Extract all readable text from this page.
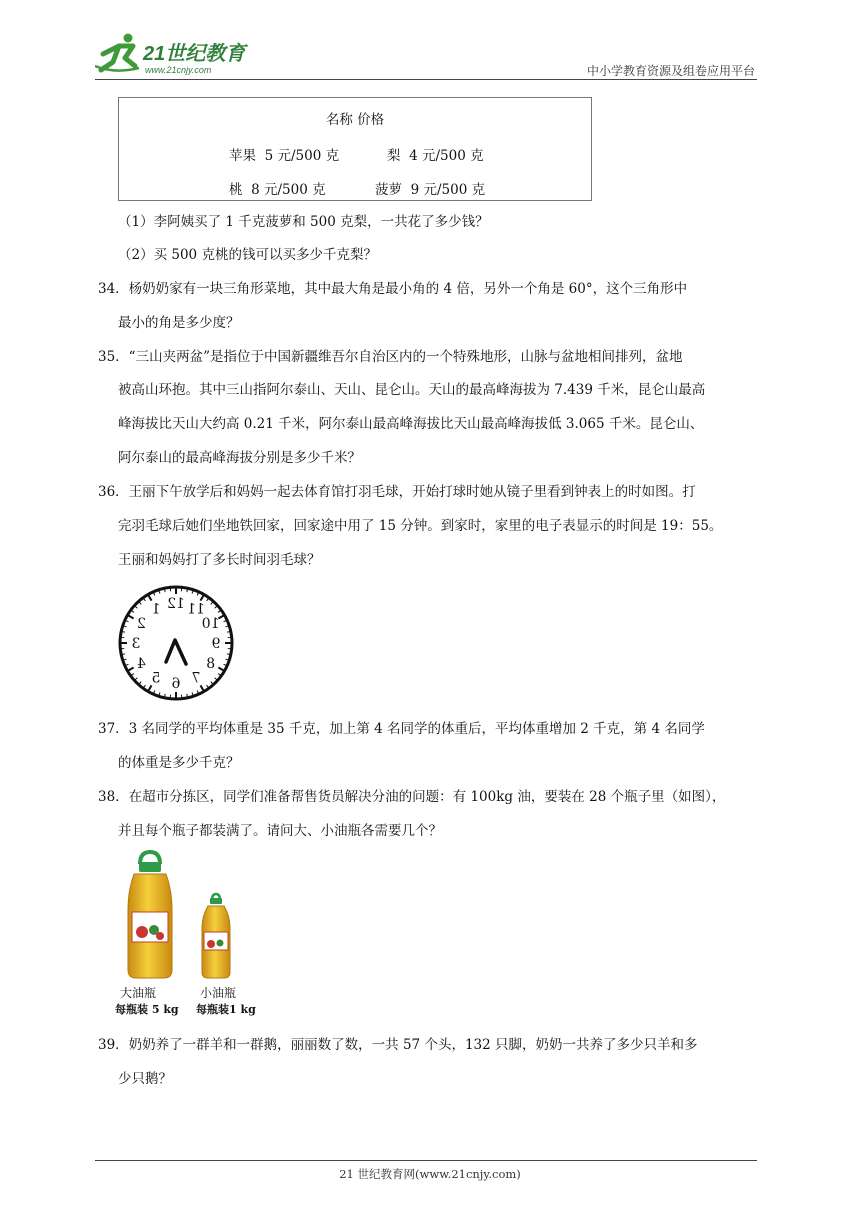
21世纪教育
www.21cnjy.com	中小学教育资源及组卷应用平台
名称 价格
苹果 5 元/500 克	梨 4 元/500 克
桃 8 元/500 克	菠萝 9 元/500 克
（1）李阿姨买了 1 千克菠萝和 500 克梨，一共花了多少钱？
（2）买 500 克桃的钱可以买多少千克梨？
34．杨奶奶家有一块三角形菜地，其中最大角是最小角的 4 倍，另外一个角是 60°，这个三角形中
最小的角是多少度？
35．“三山夹两盆”是指位于中国新疆维吾尔自治区内的一个特殊地形，山脉与盆地相间排列，盆地
被高山环抱。其中三山指阿尔泰山、天山、昆仑山。天山的最高峰海拔为 7.439 千米，昆仑山最高
峰海拔比天山大约高 0.21 千米，阿尔泰山最高峰海拔比天山最高峰海拔低 3.065 千米。昆仑山、
阿尔泰山的最高峰海拔分别是多少千米？
36．王丽下午放学后和妈妈一起去体育馆打羽毛球，开始打球时她从镜子里看到钟表上的时如图。打
完羽毛球后她们坐地铁回家，回家途中用了 15 分钟。到家时，家里的电子表显示的时间是 19：55。
王丽和妈妈打了多长时间羽毛球？
12
1
2
3
4
5 6 7
8
9
10
11
37．3 名同学的平均体重是 35 千克，加上第 4 名同学的体重后，平均体重增加 2 千克，第 4 名同学
的体重是多少千克？
38．在超市分拣区，同学们准备帮售货员解决分油的问题：有 100kg 油，要装在 28 个瓶子里（如图），
并且每个瓶子都装满了。请问大、小油瓶各需要几个？
大油瓶
每瓶装 5 kg
小油瓶
每瓶装1 kg
39．奶奶养了一群羊和一群鹅，丽丽数了数，一共 57 个头，132 只脚，奶奶一共养了多少只羊和多
少只鹅？
21 世纪教育网(www.21cnjy.com)
